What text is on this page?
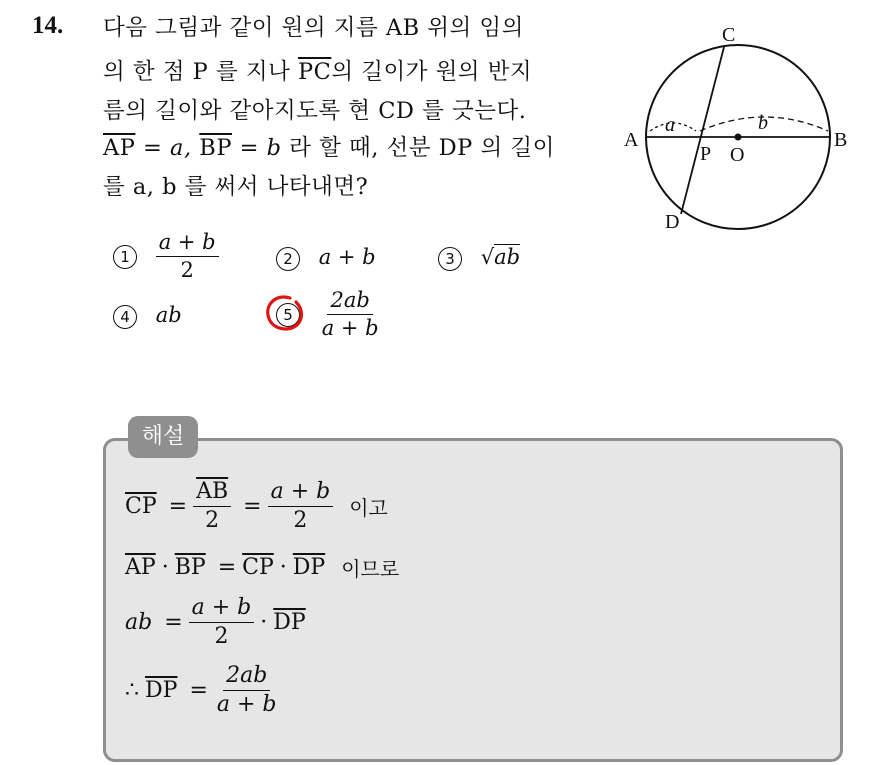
14. 다음 그림과 같이 원의 지름 AB 위의 임의
의 한 점 P 를 지나 $\overline{PC}$의 길이가 원의 반지
름의 길이와 같아지도록 현 CD 를 긋는다.
$\overline{AP} = a$, $\overline{BP} = b$ 라 할 때, 선분 DP 의 길이
를 a, b 를 써서 나타내면?
C
A	B
P O
D
a	b
$1 \frac{a + b}{2}$	2 a + b	3 √ab
4 ab	$5 \frac{2ab}{a + b}$
해설
$\overline{CP} = \frac{\overline{AB}}{2} = \frac{a + b}{2}$ 이고
$\overline{AP} \cdot \overline{BP} = \overline{CP} \cdot \overline{DP}$ 이므로
ab = $\frac{a + b}{2} \cdot \overline{DP}$
∴ $\overline{DP} = \frac{2ab}{a + b}$
